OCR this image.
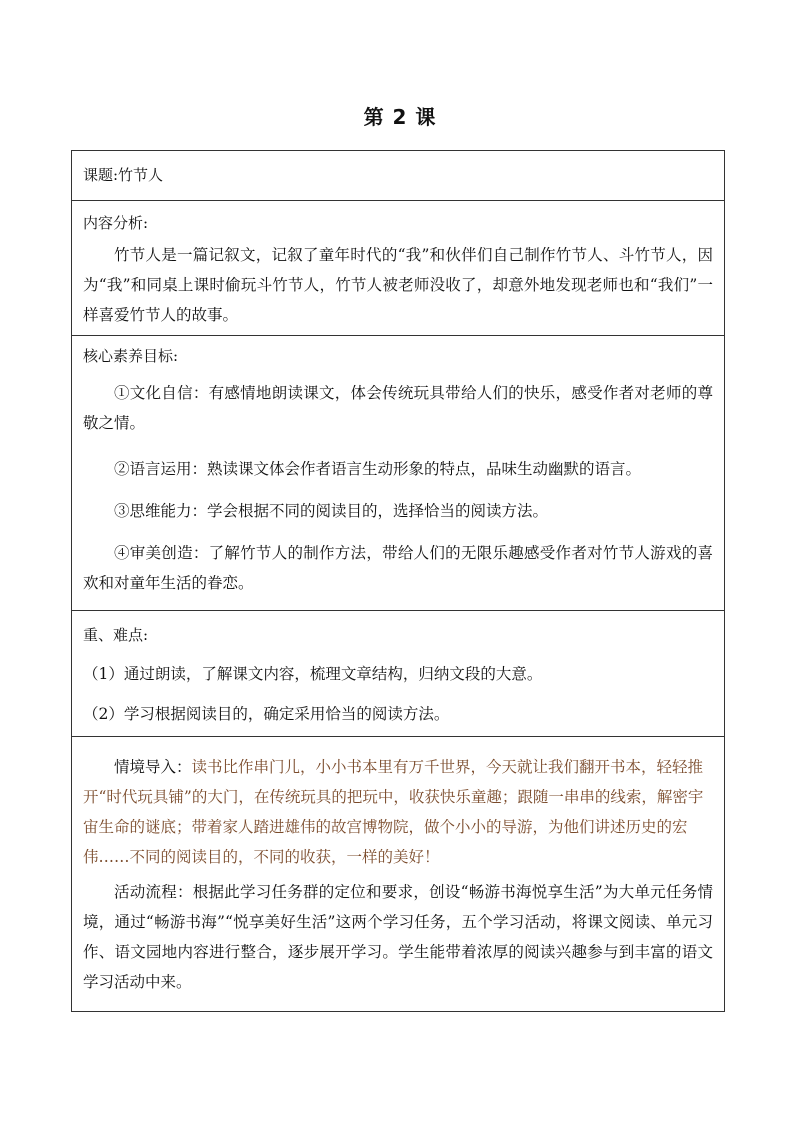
第 2 课
课题:竹节人
内容分析:

竹节人是一篇记叙文，记叙了童年时代的“我”和伙伴们自己制作竹节人、斗竹节人，因为“我”和同桌上课时偷玩斗竹节人，竹节人被老师没收了，却意外地发现老师也和“我们”一样喜爱竹节人的故事。

核心素养目标:

①文化自信：有感情地朗读课文，体会传统玩具带给人们的快乐，感受作者对老师的尊敬之情。

②语言运用：熟读课文体会作者语言生动形象的特点，品味生动幽默的语言。

③思维能力：学会根据不同的阅读目的，选择恰当的阅读方法。

④审美创造：了解竹节人的制作方法，带给人们的无限乐趣感受作者对竹节人游戏的喜欢和对童年生活的眷恋。

重、难点:
（1）通过朗读，了解课文内容，梳理文章结构，归纳文段的大意。
（2）学习根据阅读目的，确定采用恰当的阅读方法。

情境导入：读书比作串门儿，小小书本里有万千世界，今天就让我们翻开书本，轻轻推开“时代玩具铺”的大门，在传统玩具的把玩中，收获快乐童趣；跟随一串串的线索，解密宇宙生命的谜底；带着家人踏进雄伟的故宫博物院，做个小小的导游，为他们讲述历史的宏伟……不同的阅读目的，不同的收获，一样的美好！

活动流程：根据此学习任务群的定位和要求，创设“畅游书海悦享生活”为大单元任务情境，通过“畅游书海”“悦享美好生活”这两个学习任务，五个学习活动，将课文阅读、单元习作、语文园地内容进行整合，逐步展开学习。学生能带着浓厚的阅读兴趣参与到丰富的语文学习活动中来。
